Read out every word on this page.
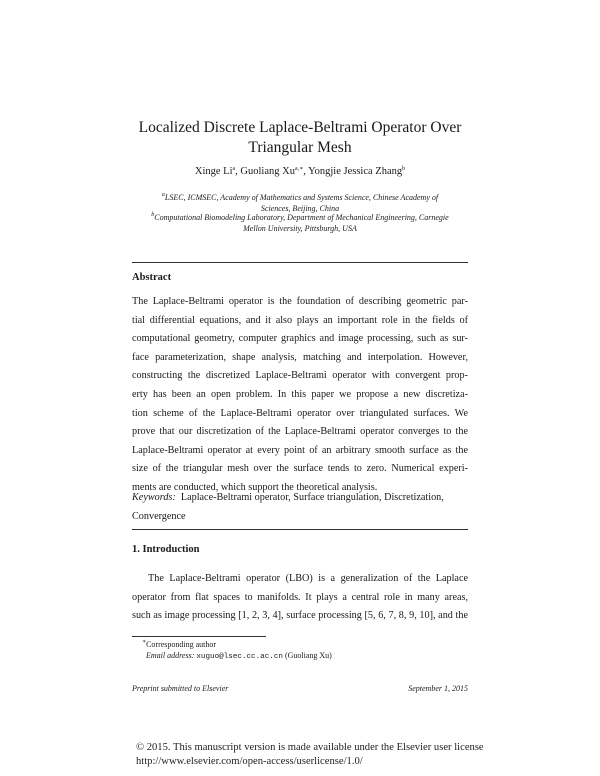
Localized Discrete Laplace-Beltrami Operator Over
Triangular Mesh
Xinge Li$^a$, Guoliang $Xu^{a,∗}$, Yongjie Jessica Zhang$^b$
$^a$LSEC, ICMSEC, Academy of Mathematics and Systems Science, Chinese Academy of
Sciences, Beijing, China
$^b$Computational Biomodeling Laboratory, Department of Mechanical Engineering, Carnegie
Mellon University, Pittsburgh, USA
Abstract
The Laplace-Beltrami operator is the foundation of describing geometric par-
tial differential equations, and it also plays an important role in the fields of
computational geometry, computer graphics and image processing, such as sur-
face parameterization, shape analysis, matching and interpolation. However,
constructing the discretized Laplace-Beltrami operator with convergent prop-
erty has been an open problem. In this paper we propose a new discretiza-
tion scheme of the Laplace-Beltrami operator over triangulated surfaces. We
prove that our discretization of the Laplace-Beltrami operator converges to the
Laplace-Beltrami operator at every point of an arbitrary smooth surface as the
size of the triangular mesh over the surface tends to zero. Numerical experi-
ments are conducted, which support the theoretical analysis.
Keywords: Laplace-Beltrami operator, Surface triangulation, Discretization,
Convergence
1. Introduction
The Laplace-Beltrami operator (LBO) is a generalization of the Laplace
operator from flat spaces to manifolds. It plays a central role in many areas,
such as image processing [1, 2, 3, 4], surface processing [5, 6, 7, 8, 9, 10], and the
∗Corresponding author
Email address: xuguo@lsec.cc.ac.cn (Guoliang Xu)
Preprint submitted to Elsevier	September 1, 2015
© 2015. This manuscript version is made available under the Elsevier user license
http://www.elsevier.com/open-access/userlicense/1.0/
